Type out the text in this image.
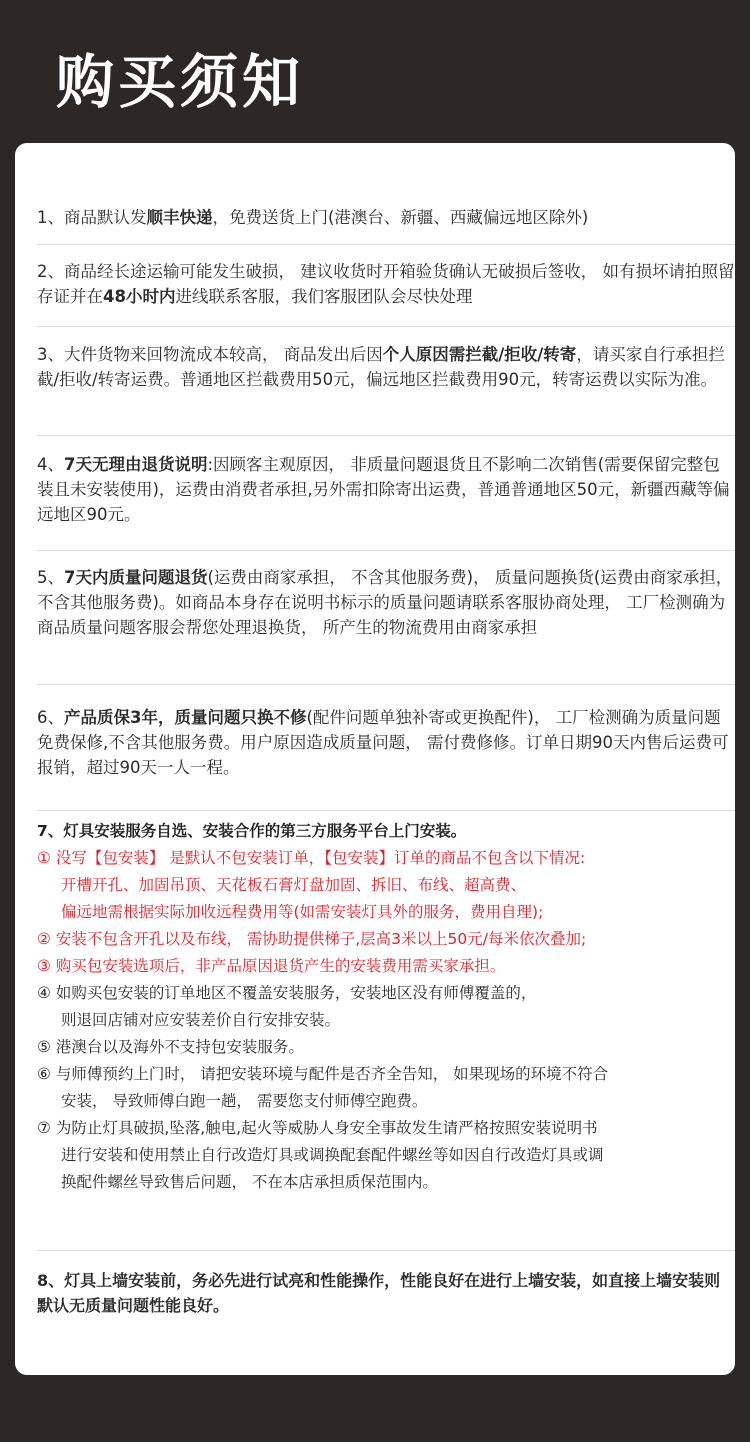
购买须知
1、商品默认发顺丰快递，免费送货上门(港澳台、新疆、西藏偏远地区除外)
2、商品经长途运输可能发生破损， 建议收货时开箱验货确认无破损后签收， 如有损坏请拍照留存证并在48小时内进线联系客服，我们客服团队会尽快处理
3、大件货物来回物流成本较高， 商品发出后因个人原因需拦截/拒收/转寄，请买家自行承担拦截/拒收/转寄运费。普通地区拦截费用50元，偏远地区拦截费用90元，转寄运费以实际为准。
4、7天无理由退货说明:因顾客主观原因， 非质量问题退货且不影响二次销售(需要保留完整包装且未安装使用)，运费由消费者承担,另外需扣除寄出运费，普通普通地区50元，新疆西藏等偏远地区90元。
5、7天内质量问题退货(运费由商家承担， 不含其他服务费)， 质量问题换货(运费由商家承担， 不含其他服务费)。如商品本身存在说明书标示的质量问题请联系客服协商处理， 工厂检测确为商品质量问题客服会帮您处理退换货， 所产生的物流费用由商家承担
6、产品质保3年，质量问题只换不修(配件问题单独补寄或更换配件)， 工厂检测确为质量问题免费保修,不含其他服务费。用户原因造成质量问题， 需付费修修。订单日期90天内售后运费可报销，超过90天一人一程。
7、灯具安装服务自选、安装合作的第三方服务平台上门安装。
① 没写【包安装】 是默认不包安装订单，【包安装】订单的商品不包含以下情况:
开槽开孔、加固吊顶、天花板石膏灯盘加固、拆旧、布线、超高费、
偏远地需根据实际加收远程费用等(如需安装灯具外的服务，费用自理);
② 安装不包含开孔以及布线， 需协助提供梯子,层高3米以上50元/每米依次叠加;
③ 购买包安装选项后，非产品原因退货产生的安装费用需买家承担。
④ 如购买包安装的订单地区不覆盖安装服务，安装地区没有师傅覆盖的，
则退回店铺对应安装差价自行安排安装。
⑤ 港澳台以及海外不支持包安装服务。
⑥ 与师傅预约上门时， 请把安装环境与配件是否齐全告知， 如果现场的环境不符合
安装， 导致师傅白跑一趟， 需要您支付师傅空跑费。
⑦ 为防止灯具破损,坠落,触电,起火等威胁人身安全事故发生请严格按照安装说明书
进行安装和使用禁止自行改造灯具或调换配套配件螺丝等如因自行改造灯具或调
换配件螺丝导致售后问题， 不在本店承担质保范围内。
8、灯具上墙安装前，务必先进行试亮和性能操作，性能良好在进行上墙安装，如直接上墙安装则默认无质量问题性能良好。
